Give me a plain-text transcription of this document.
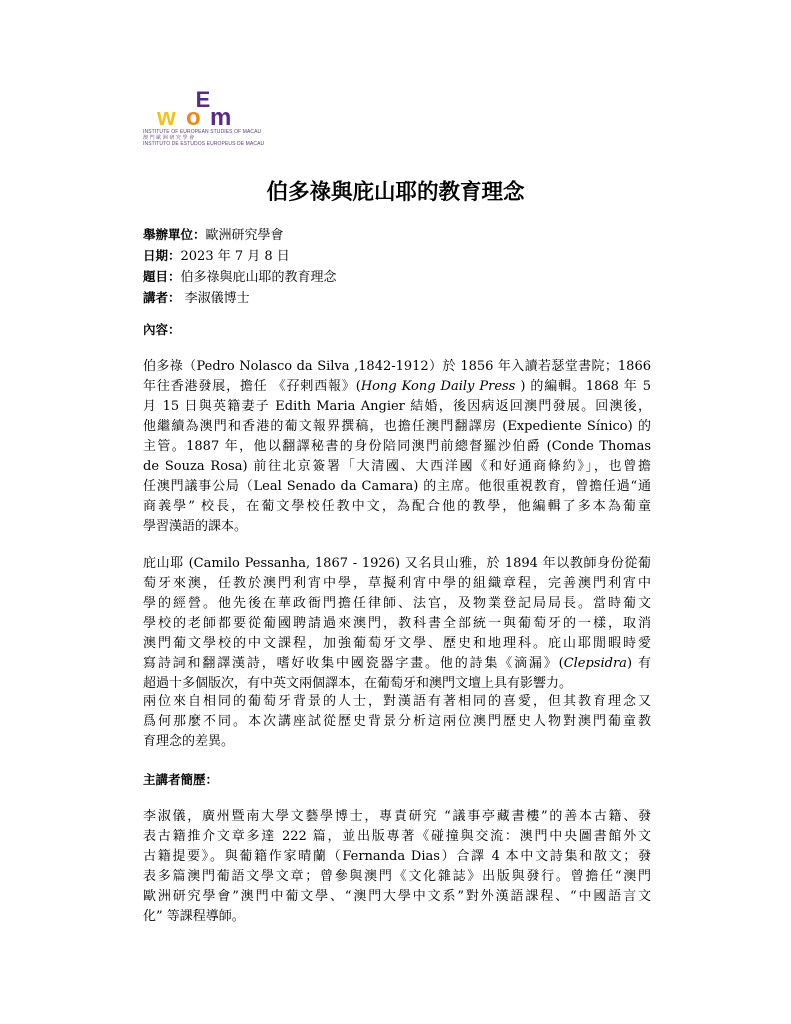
E
w o m
INSTITUTE OF EUROPEAN STUDIES OF MACAU
澳 門 歐 洲 研 究 學 會
INSTITUTO DE ESTUDOS EUROPEUS DE MACAU
伯多祿與庇山耶的教育理念
舉辦單位：歐洲研究學會
日期：2023 年 7 月 8 日
題目：伯多祿與庇山耶的教育理念
講者： 李淑儀博士
內容：

伯多祿（Pedro Nolasco da Silva ,1842-1912）於 1856 年入讀若瑟堂書院；1866
年往香港發展，擔任 《孖剌西報》(Hong Kong Daily Press ) 的編輯。1868 年 5
月 15 日與英籍妻子 Edith Maria Angier 結婚，後因病返回澳門發展。回澳後，
他繼續為澳門和香港的葡文報界撰稿，也擔任澳門翻譯房 (Expediente Sínico) 的
主管。1887 年，他以翻譯秘書的身份陪同澳門前總督羅沙伯爵 (Conde Thomas
de Souza Rosa) 前往北京簽署「大清國、大西洋國《和好通商條約》」，也曾擔
任澳門議事公局（Leal Senado da Camara) 的主席。他很重視教育，曾擔任過“通
商義學” 校長，在葡文學校任教中文，為配合他的教學，他編輯了多本為葡童
學習漢語的課本。

庇山耶 (Camilo Pessanha, 1867 - 1926) 又名貝山雅，於 1894 年以教師身份從葡
萄牙來澳，任教於澳門利宵中學，草擬利宵中學的組織章程，完善澳門利宵中
學的經營。他先後在華政衙門擔任律師、法官，及物業登記局局長。當時葡文
學校的老師都要從葡國聘請過來澳門，教科書全部統一與葡萄牙的一樣，取消
澳門葡文學校的中文課程，加強葡萄牙文學、歷史和地理科。庇山耶閒暇時愛
寫詩詞和翻譯漢詩，嗜好收集中國瓷器字畫。他的詩集《滴漏》(Clepsidra) 有
超過十多個版次，有中英文兩個譯本，在葡萄牙和澳門文壇上具有影響力。

兩位來自相同的葡萄牙背景的人士，對漢語有著相同的喜愛，但其教育理念又
爲何那麼不同。本次講座試從歷史背景分析這兩位澳門歷史人物對澳門葡童教
育理念的差異。

主講者簡歷：

李淑儀，廣州暨南大學文藝學博士，專責研究 “議事亭藏書樓”的善本古籍、發
表古籍推介文章多達 222 篇，並出版專著《碰撞與交流：澳門中央圖書館外文
古籍提要》。與葡籍作家晴蘭（Fernanda Dias）合譯 4 本中文詩集和散文；發
表多篇澳門葡語文學文章；曾參與澳門《文化雜誌》出版與發行。曾擔任“澳門
歐洲研究學會”澳門中葡文學、“澳門大學中文系”對外漢語課程、“中國語言文
化” 等課程導師。
